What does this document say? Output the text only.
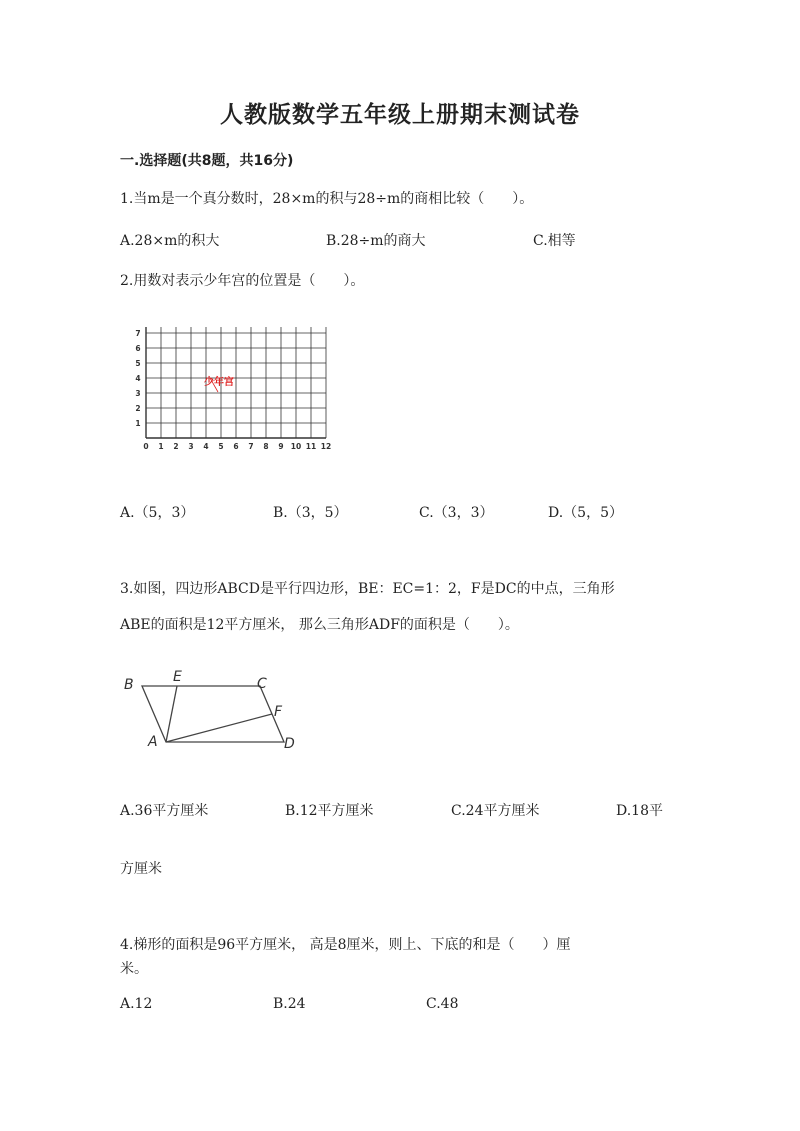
人教版数学五年级上册期末测试卷
一.选择题(共8题，共16分)
1.当m是一个真分数时，28×m的积与28÷m的商相比较（　　）。
A.28×m的积大	B.28÷m的商大	C.相等
2.用数对表示少年宫的位置是（　　）。
0 1 2 3 4 5 6 7 8 9 10 11 12
1
2
3
4
5
6
7
少年宫
A.（5，3）	B.（3，5）	C.（3，3）	D.（5，5）
3.如图，四边形ABCD是平行四边形，BE：EC=1：2，F是DC的中点，三角形
ABE的面积是12平方厘米， 那么三角形ADF的面积是（　　）。
B	E	C
F
A	D
A.36平方厘米	B.12平方厘米	C.24平方厘米	D.18平
方厘米
4.梯形的面积是96平方厘米， 高是8厘米，则上、下底的和是（　　）厘
米。
A.12	B.24	C.48
